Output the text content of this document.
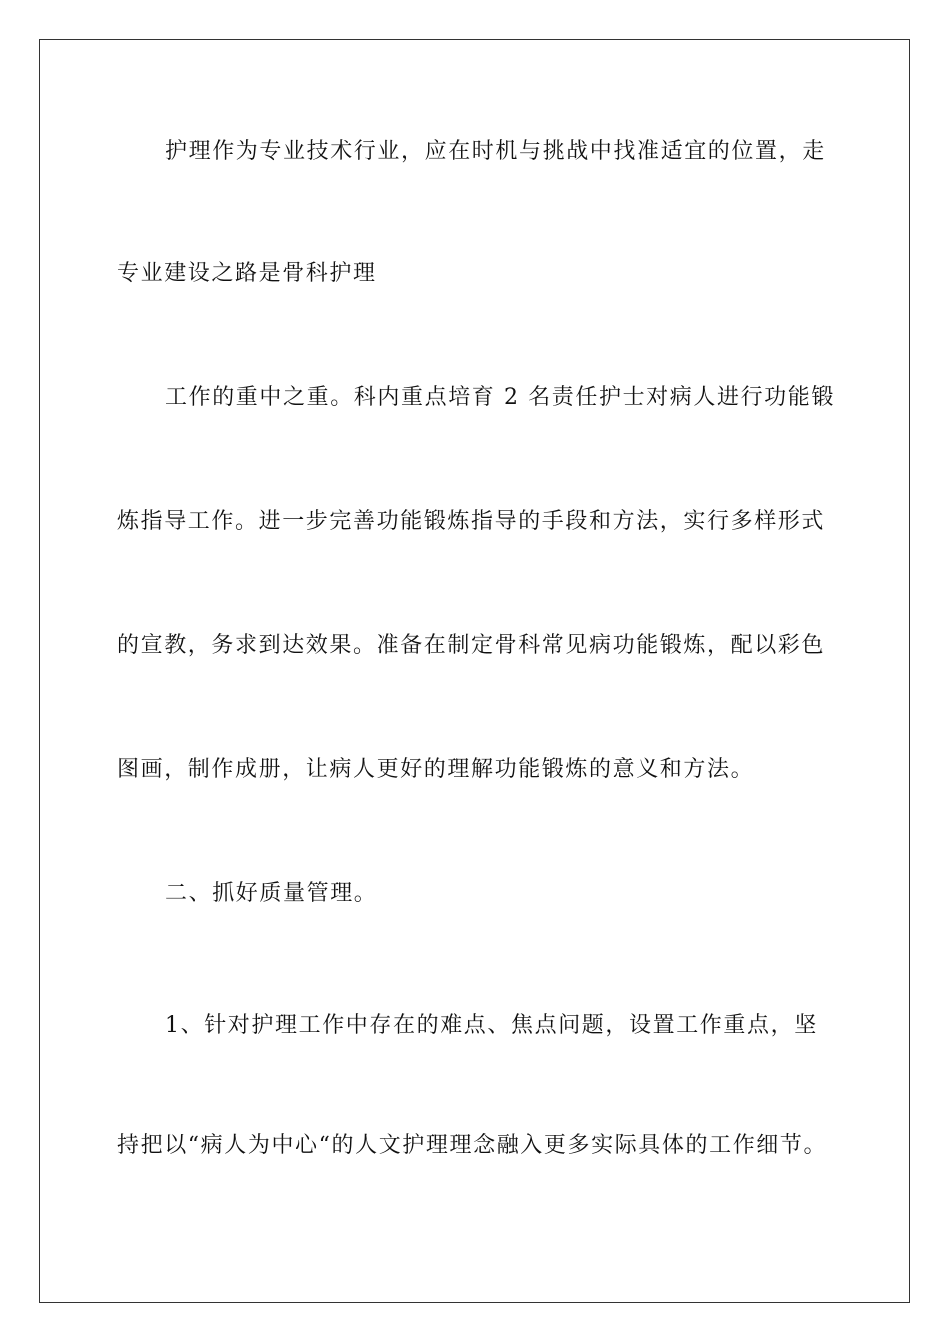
护理作为专业技术行业，应在时机与挑战中找准适宜的位置，走

专业建设之路是骨科护理

工作的重中之重。科内重点培育 2 名责任护士对病人进行功能锻

炼指导工作。进一步完善功能锻炼指导的手段和方法，实行多样形式

的宣教，务求到达效果。准备在制定骨科常见病功能锻炼，配以彩色

图画，制作成册，让病人更好的理解功能锻炼的意义和方法。

二、抓好质量管理。

1、针对护理工作中存在的难点、焦点问题，设置工作重点，坚

持把以“病人为中心“的人文护理理念融入更多实际具体的工作细节。
